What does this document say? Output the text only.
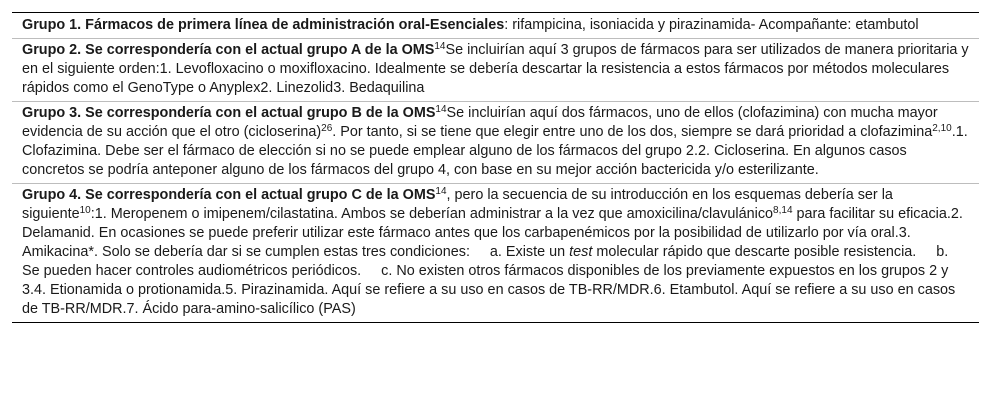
Grupo 1. Fármacos de primera línea de administración oral-Esenciales: rifampicina, isoniacida y pirazinamida- Acompañante: etambutol
Grupo 2. Se correspondería con el actual grupo A de la OMS$^{14}$Se incluirían aquí 3 grupos de fármacos para ser utilizados de manera prioritaria y en el siguiente orden:1. Levofloxacino o moxifloxacino. Idealmente se debería descartar la resistencia a estos fármacos por métodos moleculares rápidos como el GenoType o Anyplex2. Linezolid3. Bedaquilina
Grupo 3. Se correspondería con el actual grupo B de la OMS$^{14}$Se incluirían aquí dos fármacos, uno de ellos (clofazimina) con mucha mayor evidencia de su acción que el otro (cicloserina)$^{26}$. Por tanto, si se tiene que elegir entre uno de los dos, siempre se dará prioridad a clofazimina$^{2,10}$.1. Clofazimina. Debe ser el fármaco de elección si no se puede emplear alguno de los fármacos del grupo 2.2. Cicloserina. En algunos casos concretos se podría anteponer alguno de los fármacos del grupo 4, con base en su mejor acción bactericida y/o esterilizante.
Grupo 4. Se correspondería con el actual grupo C de la OMS$^{14}$, pero la secuencia de su introducción en los esquemas debería ser la siguiente$^{10}$:1. Meropenem o imipenem/cilastatina. Ambos se deberían administrar a la vez que amoxicilina/clavulánico$^{8,14}$ para facilitar su eficacia.2. Delamanid. En ocasiones se puede preferir utilizar este fármaco antes que los carbapenémicos por la posibilidad de utilizarlo por vía oral.3. Amikacina*. Solo se debería dar si se cumplen estas tres condiciones:     a. Existe un test molecular rápido que descarte posible resistencia.     b. Se pueden hacer controles audiométricos periódicos.     c. No existen otros fármacos disponibles de los previamente expuestos en los grupos 2 y 3.4. Etionamida o protionamida.5. Pirazinamida. Aquí se refiere a su uso en casos de TB-RR/MDR.6. Etambutol. Aquí se refiere a su uso en casos de TB-RR/MDR.7. Ácido para-amino-salicílico (PAS)
